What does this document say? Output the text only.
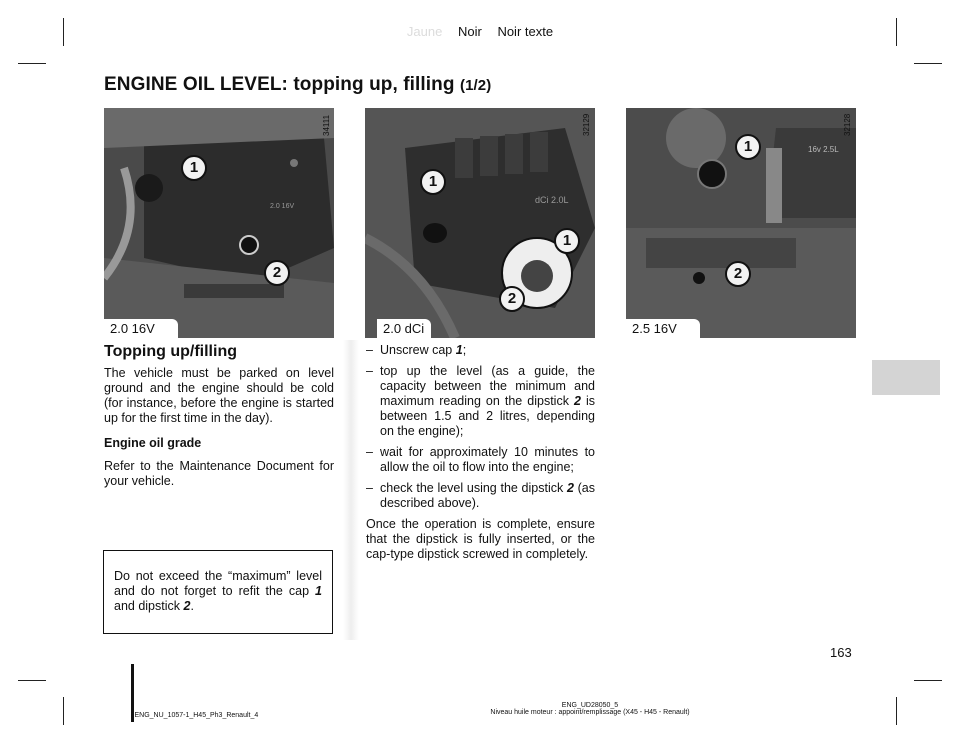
Jaune Noir Noir texte
ENGINE OIL LEVEL: topping up, filling (1/2)
2.0 16V
1
2
2.0 16V
34111
dCi 2.0L
1
1
2
2.0 dCi
32129
16v 2.5L
1
2
2.5 16V
32128
Topping up/filling
The vehicle must be parked on level ground and the engine should be cold (for instance, before the engine is started up for the first time in the day).
Engine oil grade
Refer to the Maintenance Document for your vehicle.

Do not exceed the “maximum” level and do not forget to refit the cap 1 and dipstick 2.

– Unscrew cap 1;
– top up the level (as a guide, the capacity between the minimum and maximum reading on the dipstick 2 is between 1.5 and 2 litres, depending on the engine);
– wait for approximately 10 minutes to allow the oil to flow into the engine;
– check the level using the dipstick 2 (as described above).
Once the operation is complete, ensure that the dipstick is fully inserted, or the cap-type dipstick screwed in completely.
163
JENG_NU_1057-1_H45_Ph3_Renault_4
ENG_UD28050_5
Niveau huile moteur : appoint/remplissage (X45 - H45 - Renault)
